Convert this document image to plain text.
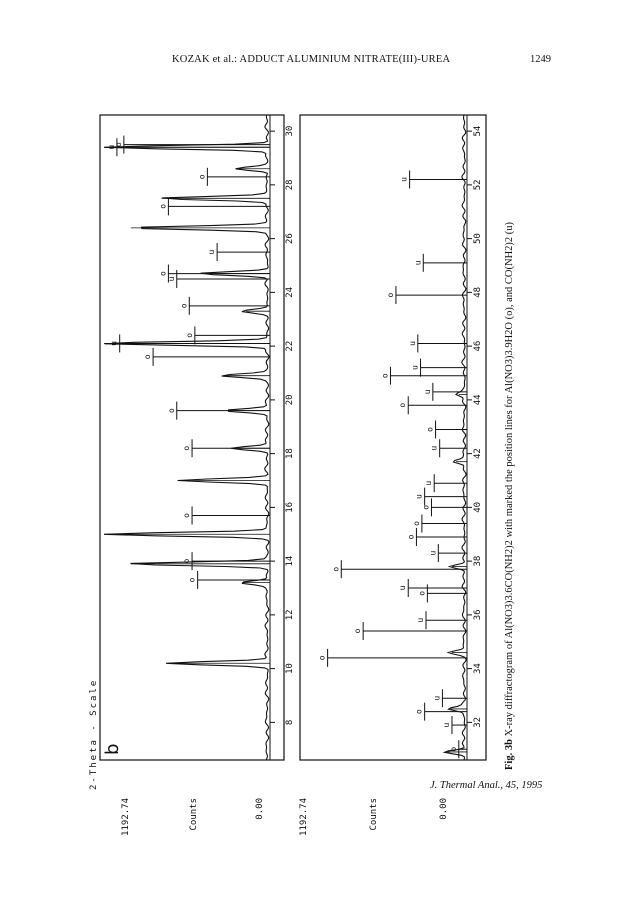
KOZAK et al.: ADDUCT ALUMINIUM NITRATE(III)-UREA	1249
8
10
12
14
16
18
20
22
24
26
28
30
o
o
o
o
o
o
u
o
o
u
o
u
o
o
u
o
32
34
36
38
40
42
44
46
48
50
52
54
o
u
o
u
o
o
u
o
u
o
u
o
o
o
u
u
u
o
o
u
o
u
u
o
u
u
b
2-Theta - Scale
1192.74	Counts	0.00	1192.74	Counts	0.00
Fig. 3b X-ray diffractogram of Al(NO3)3.6CO(NH2)2 with marked the position lines for Al(NO3)3.9H2O (o), and CO(NH2)2 (u)
J. Thermal Anal., 45, 1995
